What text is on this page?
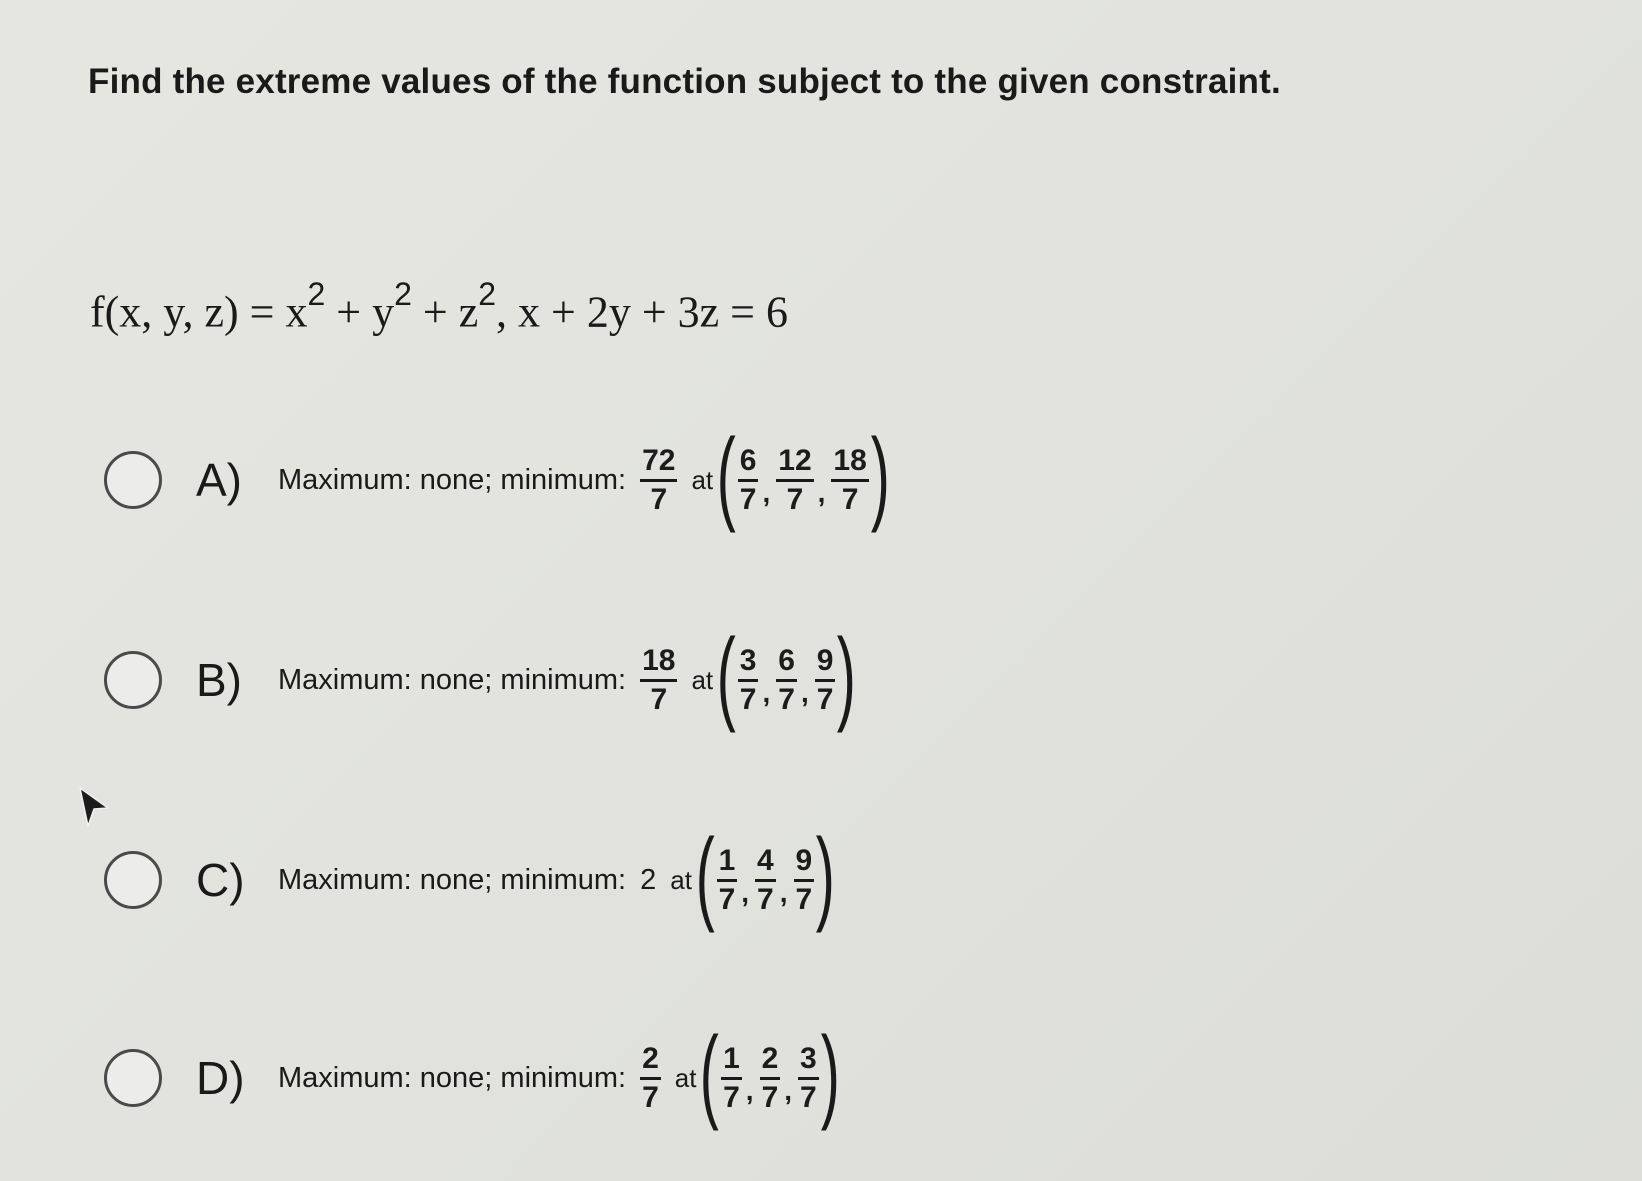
Find the extreme values of the function subject to the given constraint.
f(x, y, $z) = x^2 + y^2 + z^2$, x + 2y + 3z = 6
A) Maximum: none; minimum: $\frac{72}{7}$ at ( $\frac{6}{7}$ , $\frac{12}{7}$ , $\frac{18}{7}$ )
B) Maximum: none; minimum: $\frac{18}{7}$ at ( $\frac{3}{7}$ , $\frac{6}{7}$ , $\frac{9}{7}$ )
C) Maximum: none; minimum: 2 at ( $\frac{1}{7}$ , $\frac{4}{7}$ , $\frac{9}{7}$ )
D) Maximum: none; minimum: $\frac{2}{7}$ at ( $\frac{1}{7}$ , $\frac{2}{7}$ , $\frac{3}{7}$ )
